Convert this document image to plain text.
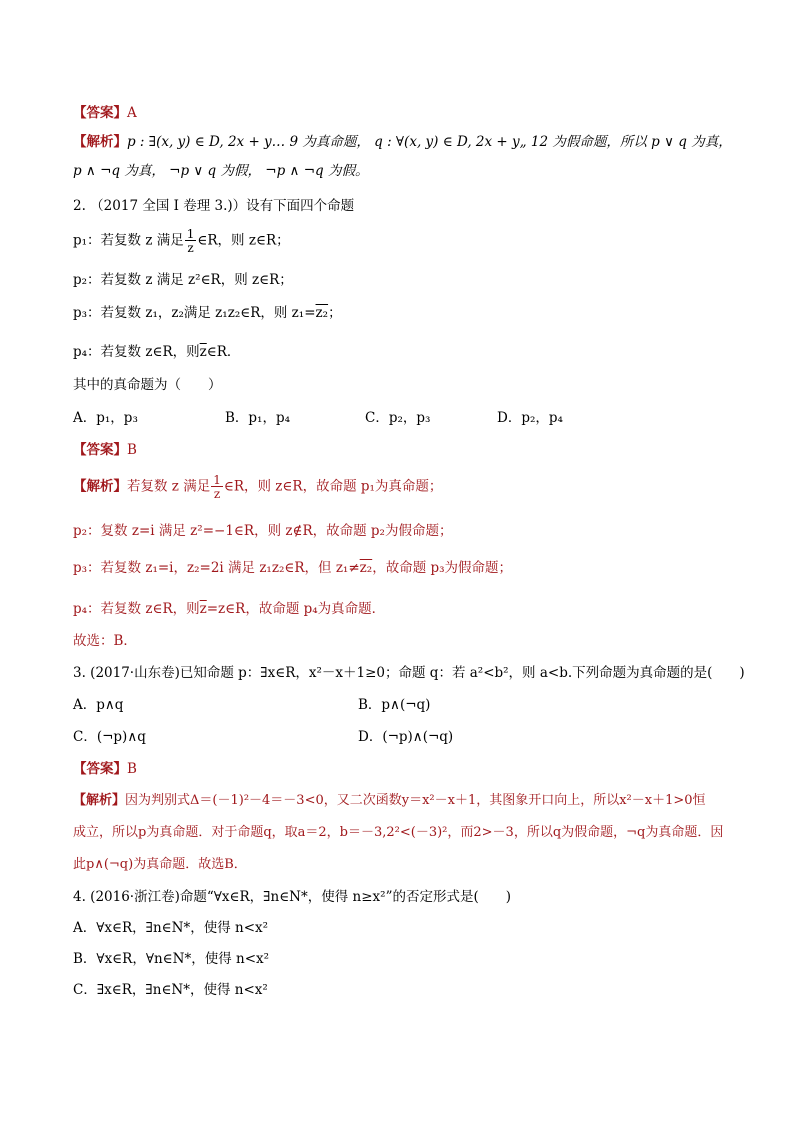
【答案】A
【解析】p : ∃(x, y) ∈ D, 2x + y… 9 为真命题， q : ∀(x, y) ∈ D, 2x + y„ 12 为假命题，所以 p ∨ q 为真，
p ∧ ¬q 为真， ¬p ∨ q 为假， ¬p ∧ ¬q 为假。
2. （2017 全国 I 卷理 3.)）设有下面四个命题
p₁：若复数 z 满足 $\frac{1}{z}$ ∈R，则 z∈R；
p₂：若复数 z 满足 z²∈R，则 z∈R；
p₃：若复数 z₁，z₂满足 z₁z₂∈R，则 z₁=z₂；
p₄：若复数 z∈R，则$\overline{z}\in R$．
其中的真命题为（　　）
A．p₁，p₃	B．p₁，p₄	C．p₂，p₃	D．p₂，p₄
【答案】B
【解析】若复数 z 满足 $\frac{1}{z}$ ∈R，则 z∈R，故命题 p₁为真命题；
p₂：复数 z=i 满足 z²=−1∈R，则 z∉R，故命题 p₂为假命题；
p₃：若复数 z₁=i，z₂=2i 满足 z₁z₂∈R，但 z₁≠z₂，故命题 p₃为假命题；
p₄：若复数 z∈R，则$\overline{z}=z\in R$，故命题 p₄为真命题．
故选：B．
3. (2017·山东卷)已知命题 p：∃x∈R，x²－x＋1≥0；命题 q：若 a²<b²，则 a<b.下列命题为真命题的是(　　)
A．p∧q	B．p∧(¬q)
C．(¬p)∧q	D．(¬p)∧(¬q)
【答案】B
【解析】因为判别式Δ＝(－1)²－4＝－3<0，又二次函数y＝x²－x＋1，其图象开口向上，所以x²－x＋1>0恒
成立，所以p为真命题．对于命题q，取a＝2，b＝－3,2²<(－3)²，而2>－3，所以q为假命题，¬q为真命题．因
此p∧(¬q)为真命题．故选B．
4. (2016·浙江卷)命题“∀x∈R，∃n∈N*，使得 n≥x²”的否定形式是(　　)
A．∀x∈R，∃n∈N*，使得 n<x²
B．∀x∈R，∀n∈N*，使得 n<x²
C．∃x∈R，∃n∈N*，使得 n<x²
